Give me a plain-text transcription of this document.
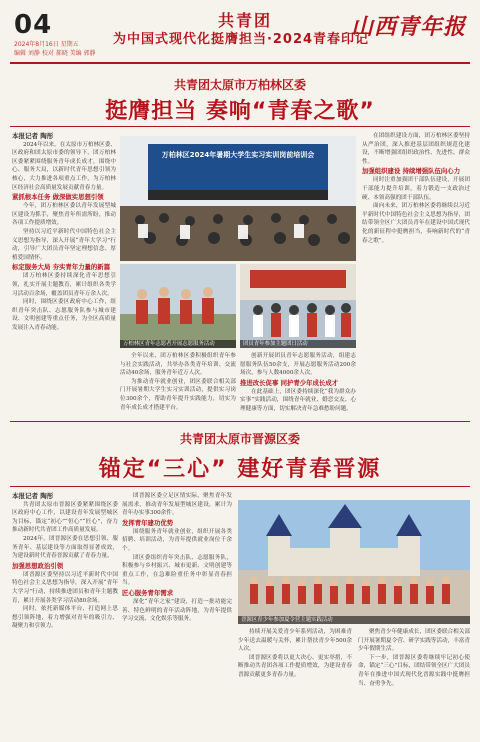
04
2024年8月16日 星期五
编辑 刘静 校对 郝晓 美编 郭静
共青团
为中国式现代化挺膺担当·2024青春印记
山西青年报
共青团太原市万柏林区委
挺膺担当 奏响“青春之歌”
本报记者 陶彤

2024年以来，在太原市万柏林区委、区政府和团太原市委的领导下，团万柏林区委紧紧围绕服务青年成长成才，围绕中心、服务大局，以新时代青年思想引领为核心，大力推进各项重点工作，为万柏林区经济社会高质量发展贡献青春力量。

紧抓根本任务 做深做实思想引领

今年，团万柏林区委以青年发展型城区建设为抓手，聚焦青年所需所盼，推动各项工作提质增效。

坚持以习近平新时代中国特色社会主义思想为指导，深入开展“青年大学习”行动，引导广大团员青年坚定理想信念、厚植爱国情怀。

标定服务大局 夯实青年力量的新篇

团万柏林区委持续深化青年思想引领，扎实开展主题教育，累计组织各类学习活动百余场，覆盖团员青年万余人次。

同时，围绕区委区政府中心工作，组织青年突击队、志愿服务队参与城市建设、文明创建等重点任务，为全区高质量发展注入青春动能。

万柏林区2024年暑期大学生实习实训岗前培训会
万柏林区青年志愿者开展志愿服务活动	团员青年参加主题团日活动

全年以来，团万柏林区委积极组织青年参与社会实践活动，共举办各类青年培训、交流活动40余场，服务青年近万人次。

为推动青年就业创业，团区委联合相关部门开展暑期大学生实习实训活动，提供实习岗位300余个，帮助青年提升实践能力，切实为青年成长成才搭建平台。

创新开展团员青年志愿服务活动，组建志愿服务队伍50余支，开展志愿服务活动200余场次，参与人数4000余人次。

推进改长促事 同护青少年成长成才

在此基础上，团区委持续深化“我为群众办实事”实践活动，围绕青年就业、婚恋交友、心理健康等方面，切实解决青年急难愁盼问题。

在团组织建设方面，团万柏林区委坚持从严治团，深入推进基层团组织规范化建设，不断增强团组织政治性、先进性、群众性。

加强组织建设 持续增强队伍向心力

同时注重加强团干部队伍建设，开展团干部能力提升培训，着力锻造一支政治过硬、本领高强的团干部队伍。

面向未来，团万柏林区委将继续以习近平新时代中国特色社会主义思想为指导，团结带领全区广大团员青年在建设中国式现代化的新征程中挺膺担当，奏响新时代的“青春之歌”。

共青团太原市晋源区委
锚定“三心” 建好青春晋源
本报记者 陶彤

共青团太原市晋源区委紧紧围绕区委区政府中心工作，以建设青年发展型城区为目标，锚定“初心”“恒心”“匠心”，奋力推动新时代共青团工作高质量发展。

2024年，团晋源区委在思想引领、服务青年、基层建设等方面取得显著成效，为建设新时代青春晋源贡献了青春力量。

加强思想政治引领

团晋源区委坚持以习近平新时代中国特色社会主义思想为指导，深入开展“青年大学习”行动，持续推进团员和青年主题教育，累计开展各类学习活动80余场。

同时，依托新媒体平台，打造网上思想引领阵地，着力增强对青年的吸引力、凝聚力和引领力。

团晋源区委立足区情实际，聚焦青年发展需求，推动青年发展型城区建设，累计为青年办实事300余件。

发挥青年建功优势

围绕服务青年就业创业，组织开展各类招聘、培训活动，为青年提供就业岗位千余个。

团区委组织青年突击队、志愿服务队，积极参与乡村振兴、城市更新、文明创建等重点工作，在急难险重任务中彰显青春担当。

匠心服务青年需求

深化“青年之家”建设，打造一批功能完善、特色鲜明的青年活动阵地，为青年提供学习交流、文化娱乐等服务。	晋源区青少年参加夏令营主题实践活动

持续开展关爱青少年系列活动，为困难青少年送去温暖与关怀，累计帮扶青少年500余人次。

团晋源区委将以更大决心、更实举措，不断推动共青团各项工作提质增效，为建设青春晋源贡献更多青春力量。

聚焦青少年健康成长，团区委联合相关部门开展暑期夏令营、研学实践等活动，丰富青少年假期生活。

下一步，团晋源区委将继续牢记初心使命，锚定“三心”目标，团结带领全区广大团员青年在推进中国式现代化晋源实践中挺膺担当、奋勇争先。
